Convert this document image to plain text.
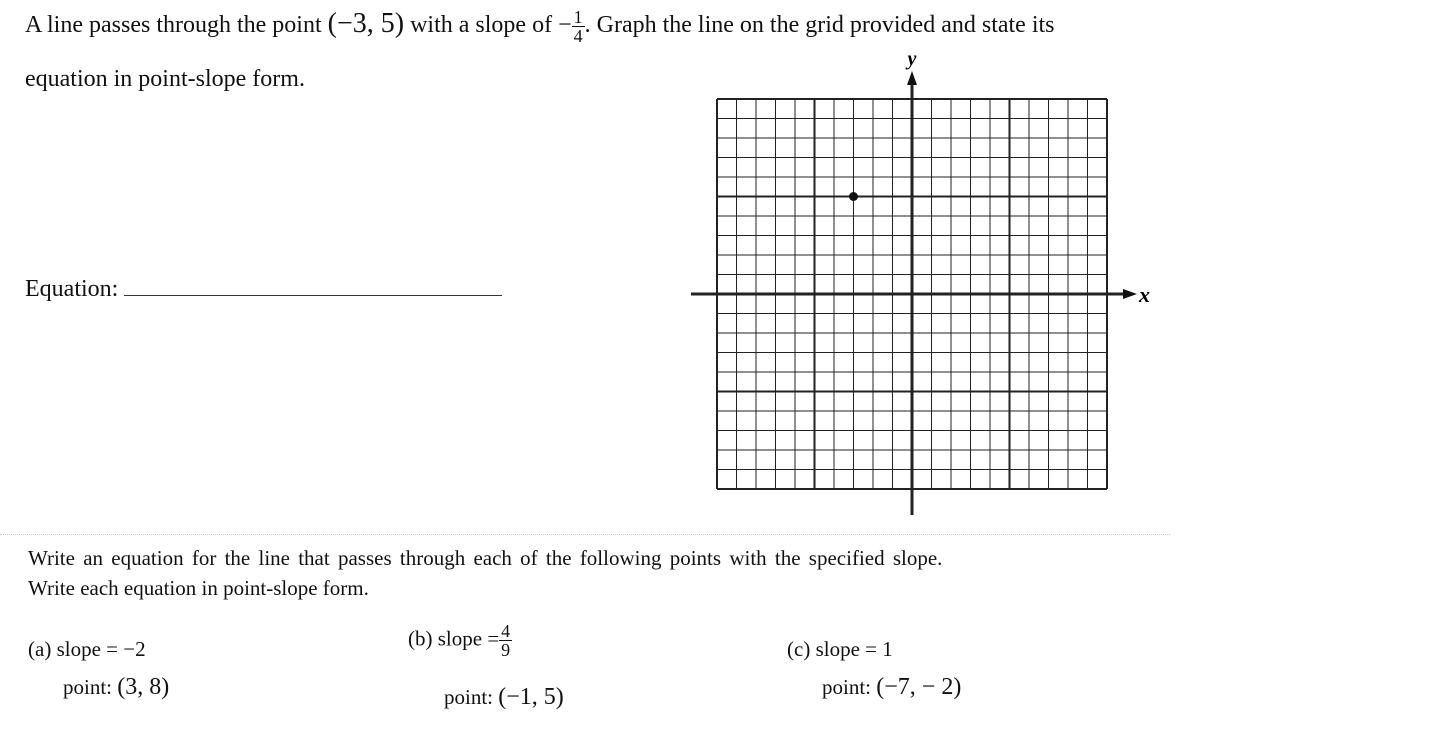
A line passes through the point (−3, 5) with a slope of − $\frac{1}{4}$ . Graph the line on the grid provided and state its
equation in point-slope form.
Equation:
y
x
Write an equation for the line that passes through each of the following points with the specified slope.
Write each equation in point-slope form.
(a) slope = −2
point: (3, 8)
(b) slope = $\frac{4}{9}$
point: (−1, 5)
(c) slope = 1
point: (−7, − 2)
